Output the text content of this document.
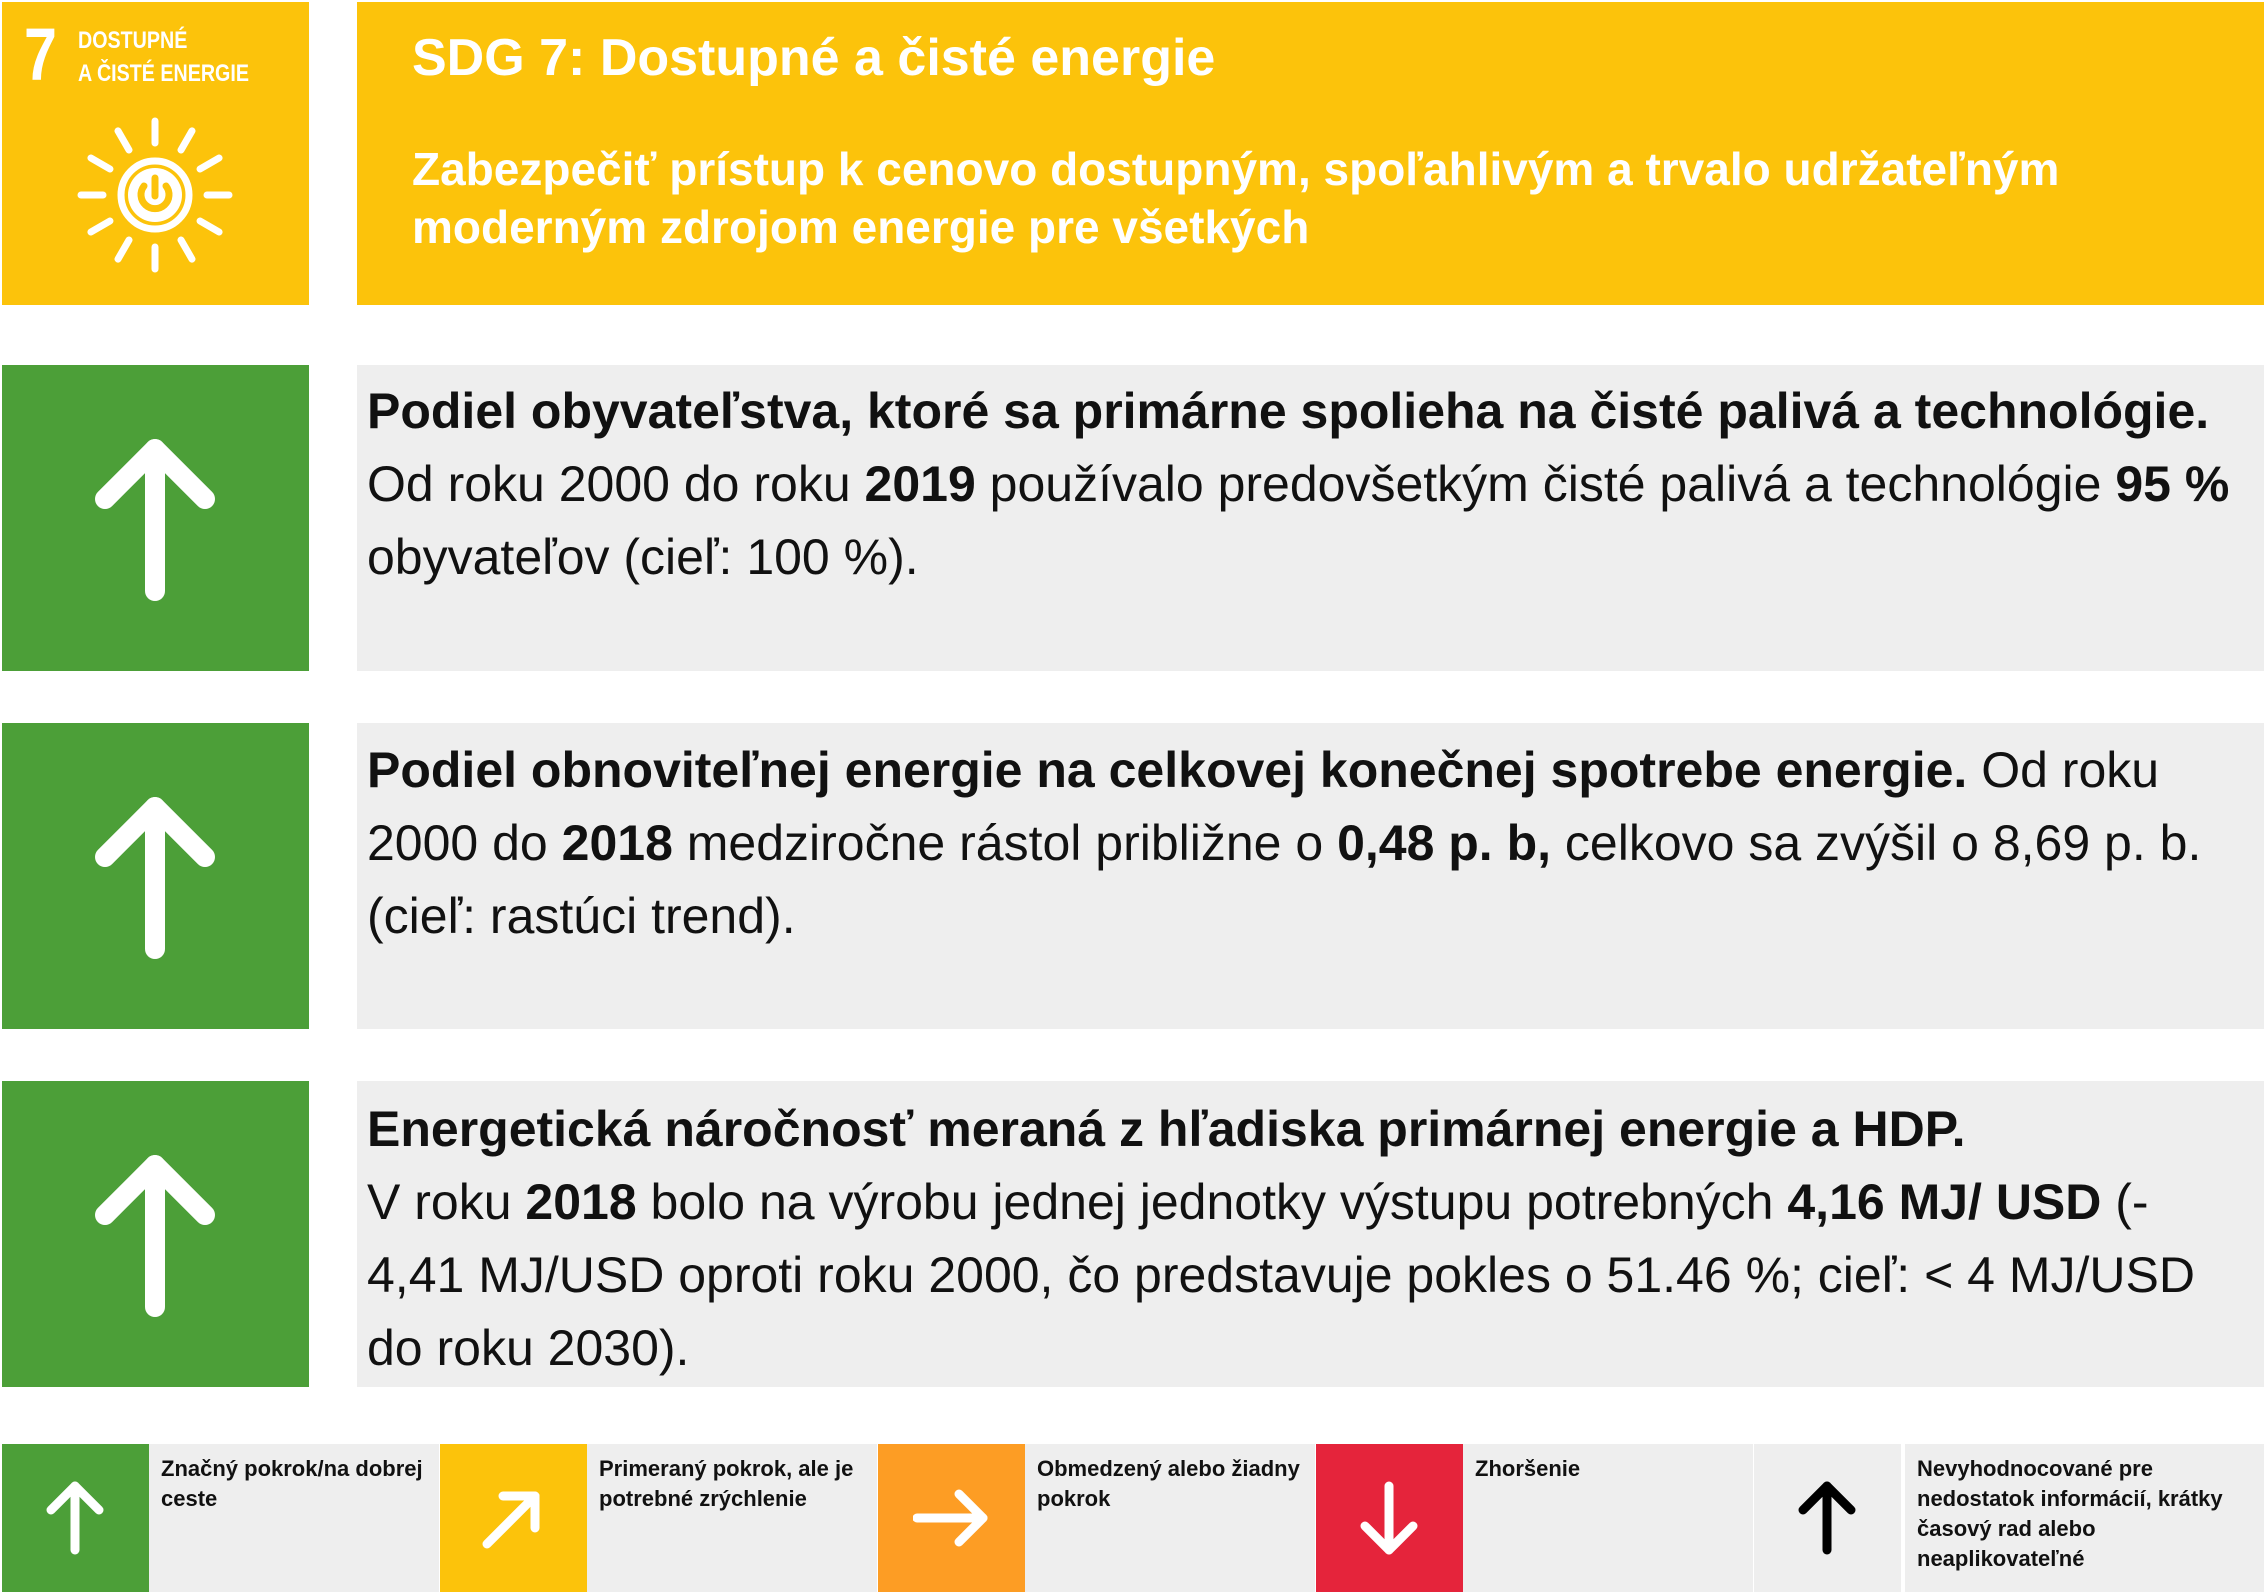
7 DOSTUPNÉ
A ČISTÉ ENERGIE	SDG 7: Dostupné a čisté energie
Zabezpečiť prístup k cenovo dostupným, spoľahlivým a trvalo udržateľným moderným zdrojom energie pre všetkých
Podiel obyvateľstva, ktoré sa primárne spolieha na čisté palivá a technológie. Od roku 2000 do roku 2019 používalo predovšetkým čisté palivá a technológie 95 % obyvateľov (cieľ: 100 %).
Podiel obnoviteľnej energie na celkovej konečnej spotrebe energie. Od roku 2000 do 2018 medziročne rástol približne o 0,48 p. b, celkovo sa zvýšil o 8,69 p. b. (cieľ: rastúci trend).
Energetická náročnosť meraná z hľadiska primárnej energie a HDP.
V roku 2018 bolo na výrobu jednej jednotky výstupu potrebných 4,16 MJ/ USD (- 4,41 MJ/USD oproti roku 2000, čo predstavuje pokles o 51.46 %; cieľ: < 4 MJ/USD do roku 2030).
Značný pokrok/na dobrej ceste
Primeraný pokrok, ale je potrebné zrýchlenie
Obmedzený alebo žiadny pokrok
Zhoršenie	Nevyhodnocované pre nedostatok informácií, krátky časový rad alebo neaplikovateľné
